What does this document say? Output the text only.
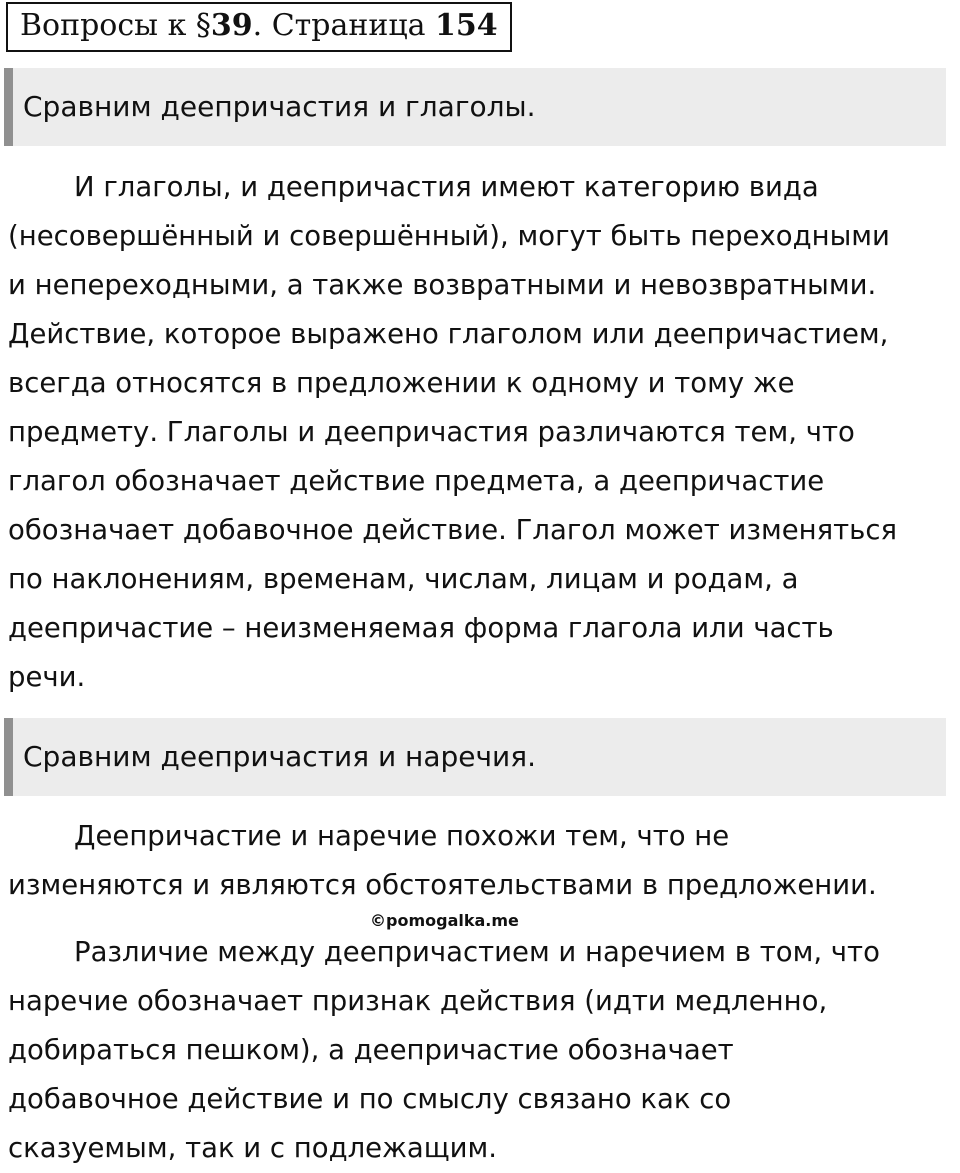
Вопросы к §39. Страница 154
Сравним деепричастия и глаголы.
И глаголы, и деепричастия имеют категорию вида
(несовершённый и совершённый), могут быть переходными
и непереходными, а также возвратными и невозвратными.
Действие, которое выражено глаголом или деепричастием,
всегда относятся в предложении к одному и тому же
предмету. Глаголы и деепричастия различаются тем, что
глагол обозначает действие предмета, а деепричастие
обозначает добавочное действие. Глагол может изменяться
по наклонениям, временам, числам, лицам и родам, а
деепричастие – неизменяемая форма глагола или часть
речи.
Сравним деепричастия и наречия.
Деепричастие и наречие похожи тем, что не
изменяются и являются обстоятельствами в предложении.
©pomogalka.me
Различие между деепричастием и наречием в том, что
наречие обозначает признак действия (идти медленно,
добираться пешком), а деепричастие обозначает
добавочное действие и по смыслу связано как со
сказуемым, так и с подлежащим.
